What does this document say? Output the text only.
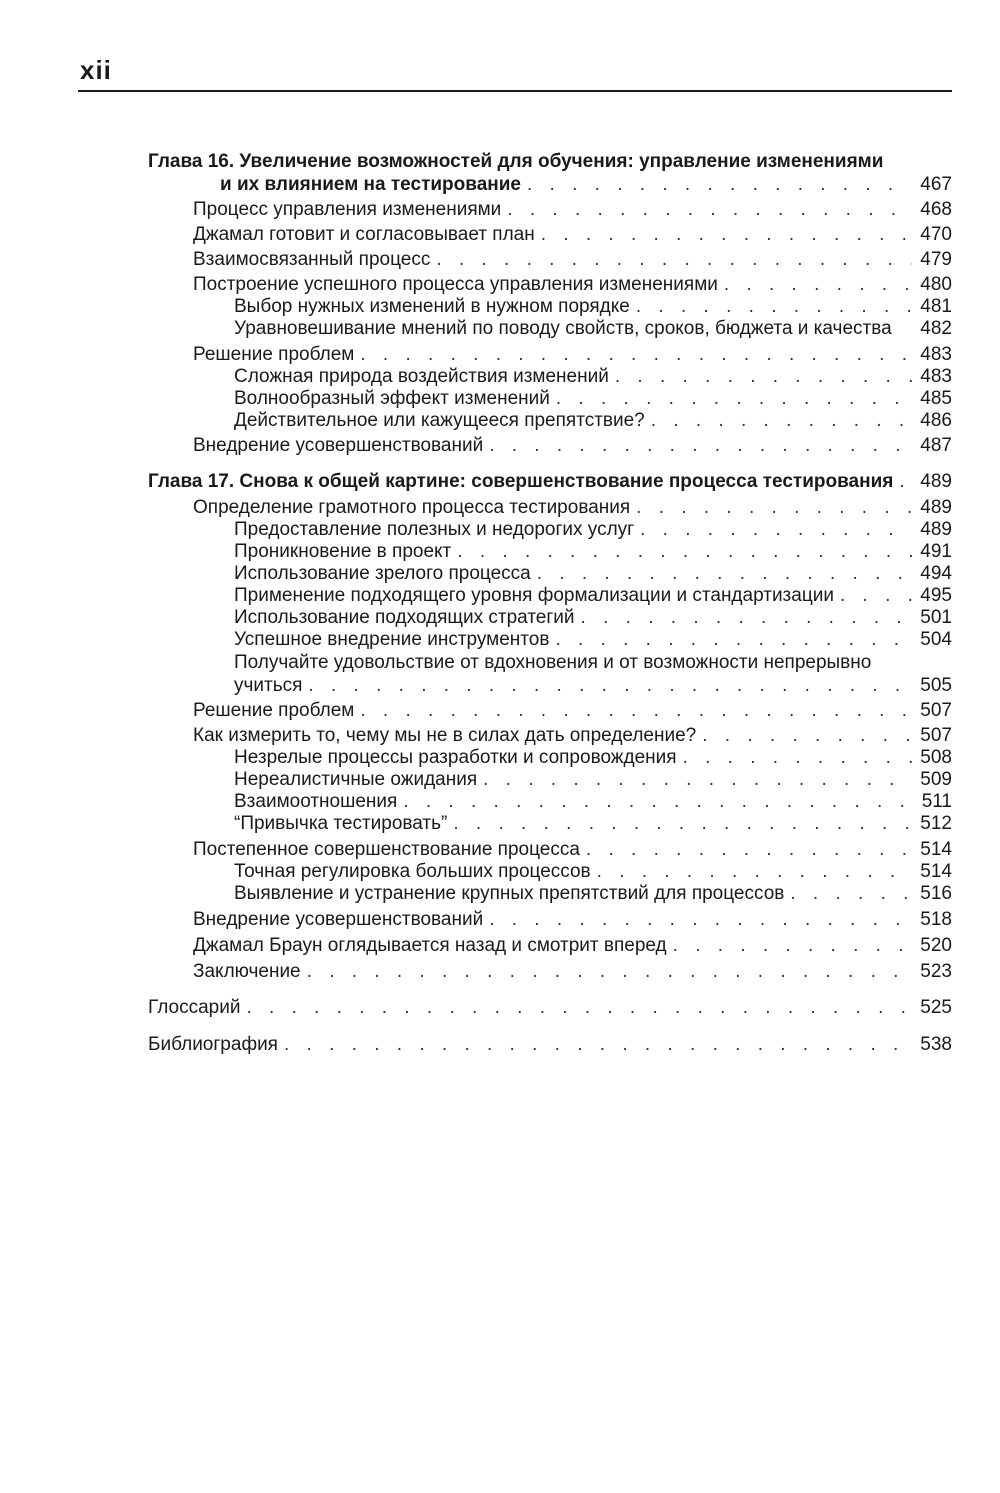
xii
Глава 16. Увеличение возможностей для обучения: управление изменениями
и их влиянием на тестирование . . .	467
Процесс управления изменениями . . .	468
Джамал готовит и согласовывает план . . .	470
Взаимосвязанный процесс . . .	479
Построение успешного процесса управления изменениями . . .	480
Выбор нужных изменений в нужном порядке . . .	481
Уравновешивание мнений по поводу свойств, сроков, бюджета и качества	482
Решение проблем . . .	483
Сложная природа воздействия изменений . . .	483
Волнообразный эффект изменений . . .	485
Действительное или кажущееся препятствие? . . .	486
Внедрение усовершенствований . . .	487
Глава 17. Снова к общей картине: совершенствование процесса тестирования . . .	489
Определение грамотного процесса тестирования . . .	489
Предоставление полезных и недорогих услуг . . .	489
Проникновение в проект . . .	491
Использование зрелого процесса . . .	494
Применение подходящего уровня формализации и стандартизации . . .	495
Использование подходящих стратегий . . .	501
Успешное внедрение инструментов . . .	504
Получайте удовольствие от вдохновения и от возможности непрерывно
учиться . . .	505
Решение проблем . . .	507
Как измерить то, чему мы не в силах дать определение? . . .	507
Незрелые процессы разработки и сопровождения . . .	508
Нереалистичные ожидания . . .	509
Взаимоотношения . . .	511
“Привычка тестировать” . . .	512
Постепенное совершенствование процесса . . .	514
Точная регулировка больших процессов . . .	514
Выявление и устранение крупных препятствий для процессов . . .	516
Внедрение усовершенствований . . .	518
Джамал Браун оглядывается назад и смотрит вперед . . .	520
Заключение . . .	523
Глоссарий . . .	525
Библиография . . .	538
